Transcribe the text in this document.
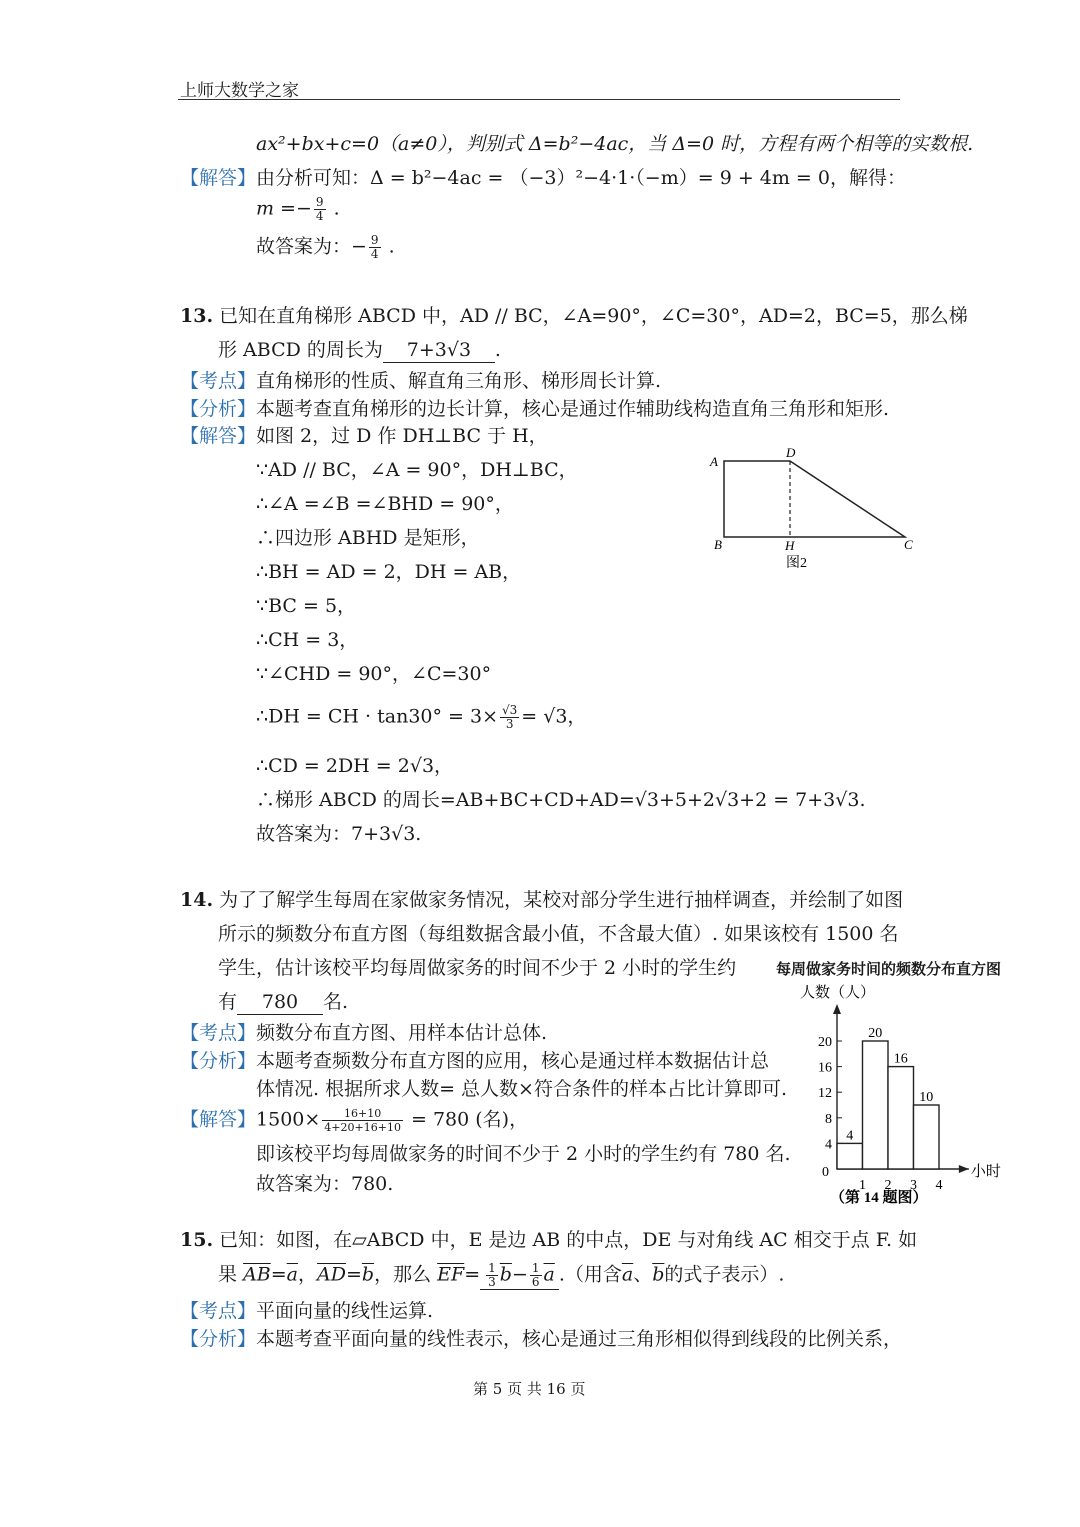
上师大数学之家
ax²+bx+c=0（a≠0），判别式 Δ=b²−4ac，当 Δ=0 时，方程有两个相等的实数根.
【解答】由分析可知：Δ = b²−4ac = （−3）²−4·1·（−m）= 9 + 4m = 0，解得：
$m =- \frac{9}{4}$ .
故答案为：− $\frac{9}{4}$ .
13. 已知在直角梯形 ABCD 中，AD // BC，∠A=90°，∠C=30°，AD=2，BC=5，那么梯
形 ABCD 的周长为 7+3√3 .
【考点】直角梯形的性质、解直角三角形、梯形周长计算.
【分析】本题考查直角梯形的边长计算，核心是通过作辅助线构造直角三角形和矩形.
【解答】如图 2，过 D 作 DH⊥BC 于 H，
∵AD // BC，∠A = 90°，DH⊥BC，
∴∠A =∠B =∠BHD = 90°，
∴四边形 ABHD 是矩形，
∴BH = AD = 2，DH = AB，
∵BC = 5，
∴CH = 3，
∵∠CHD = 90°，∠C=30°
∴DH = CH · $\tan 30^\circ = 3\times \frac{√3}{3} = √3$，
∴CD = 2DH = 2√3，
∴梯形 ABCD 的周长=AB+BC+CD+AD=√3+5+2√3+2 = 7+3√3.
故答案为：7+3√3.
A
D
B	H	C
图2
14. 为了了解学生每周在家做家务情况，某校对部分学生进行抽样调查，并绘制了如图
所示的频数分布直方图（每组数据含最小值，不含最大值）. 如果该校有 1500 名
学生，估计该校平均每周做家务的时间不少于 2 小时的学生约
有 780 名.
【考点】频数分布直方图、用样本估计总体.
【分析】本题考查频数分布直方图的应用，核心是通过样本数据估计总
体情况. 根据所求人数= 总人数×符合条件的样本占比计算即可.
【解答】$1500\times \frac{16+10}{4+20+16+10} = 780$ (名)，
即该校平均每周做家务的时间不少于 2 小时的学生约有 780 名.
故答案为：780.
每周做家务时间的频数分布直方图
人数（人）
小时
0
4
8
12
16
20
1 2 3 4
4
20
16
10
（第 14 题图）
15. 已知：如图，在▱ABCD 中，E 是边 AB 的中点，DE 与对角线 AC 相交于点 F. 如
果 $\overline{AB}=\overline{a}$，$\overline{AD}=\overline{b}$，那么 $\overline{EF}= \frac{1}{3} \overline{b}- \frac{1}{6} \overline{a}$ .（用含$\overline{a}$、$\overline{b}$的式子表示）.
【考点】平面向量的线性运算.
【分析】本题考查平面向量的线性表示，核心是通过三角形相似得到线段的比例关系，
第 5 页 共 16 页
